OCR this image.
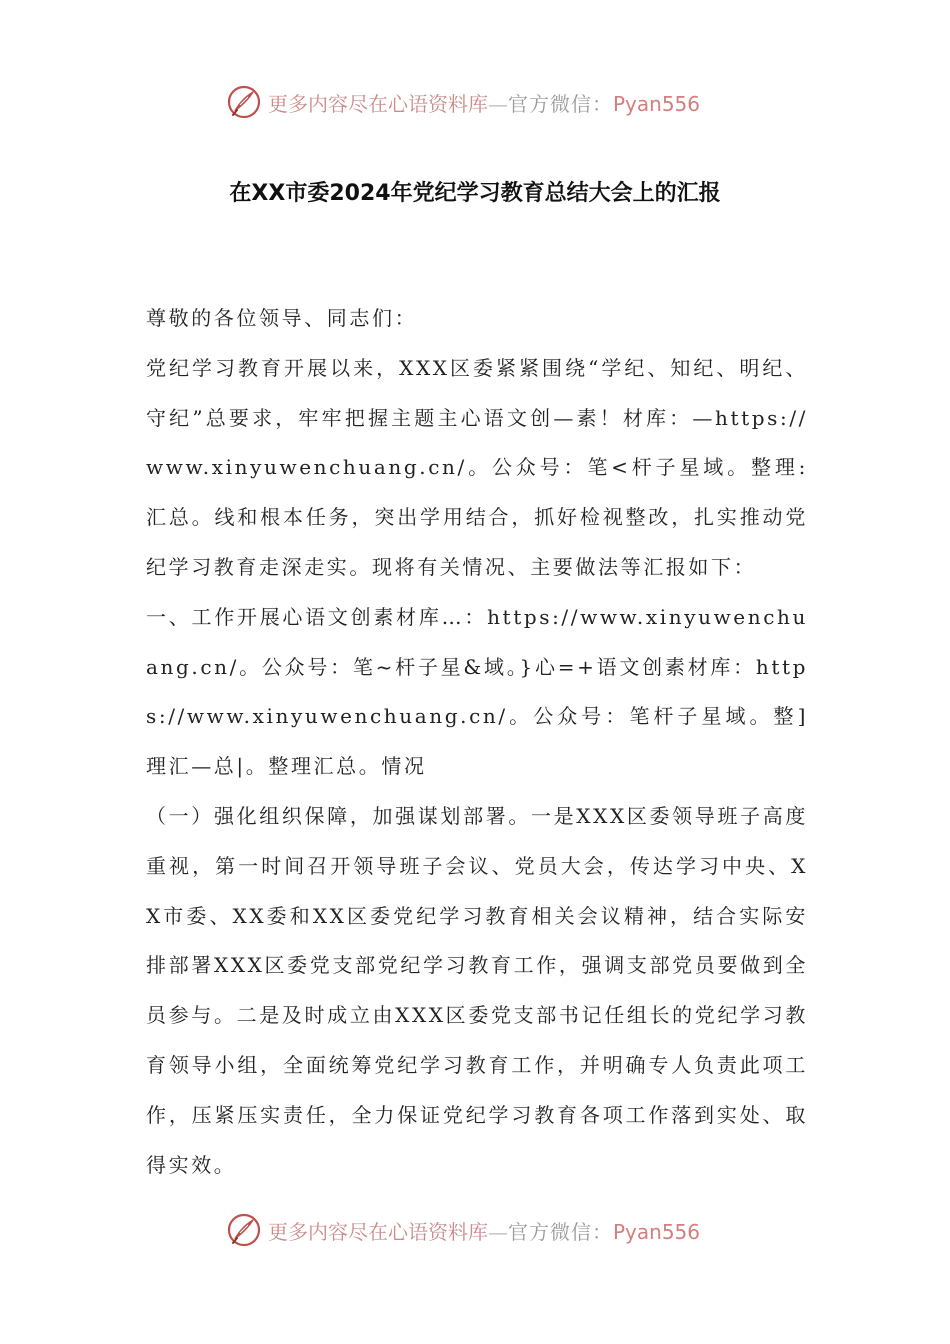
更多内容尽在心语资料库—官方微信：Pyan556
在XX市委2024年党纪学习教育总结大会上的汇报

尊敬的各位领导、同志们：

党纪学习教育开展以来，XXX区委紧紧围绕“学纪、知纪、明纪、守纪”总要求，牢牢把握主题主心语文创—素！材库：—https://www.xinyuwenchuang.cn/。公众号：笔<杆子星域。整理:汇总。线和根本任务，突出学用结合，抓好检视整改，扎实推动党纪学习教育走深走实。现将有关情况、主要做法等汇报如下：

一、工作开展心语文创素材库…：https://www.xinyuwenchuang.cn/。公众号：笔~杆子星&域。}心=+语文创素材库：https://www.xinyuwenchuang.cn/。公众号：笔杆子星域。整]理汇—总|。整理汇总。情况

（一）强化组织保障，加强谋划部署。一是XXX区委领导班子高度重视，第一时间召开领导班子会议、党员大会，传达学习中央、XX市委、XX委和XX区委党纪学习教育相关会议精神，结合实际安排部署XXX区委党支部党纪学习教育工作，强调支部党员要做到全员参与。二是及时成立由XXX区委党支部书记任组长的党纪学习教育领导小组，全面统筹党纪学习教育工作，并明确专人负责此项工作，压紧压实责任，全力保证党纪学习教育各项工作落到实处、取得实效。

更多内容尽在心语资料库—官方微信：Pyan556
